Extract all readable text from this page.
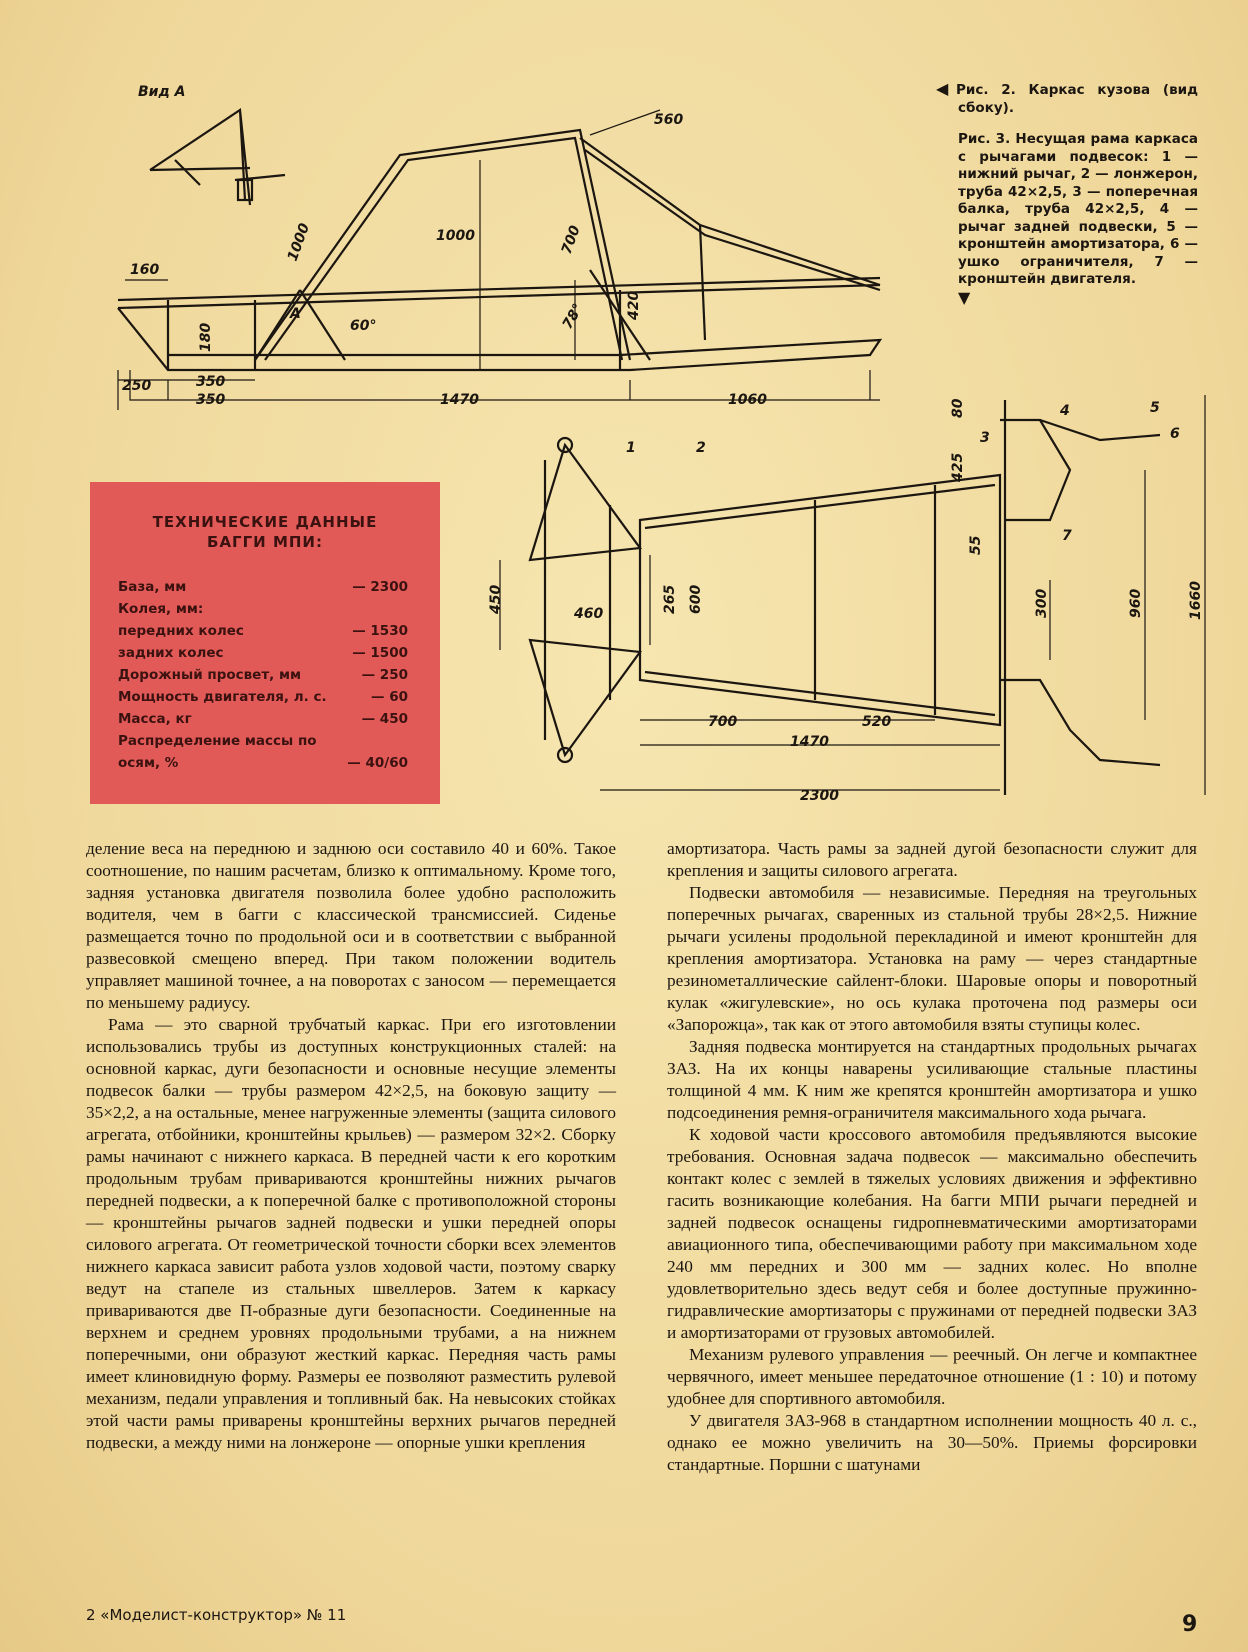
Вид А
560
1000	1000	700
160
180	60°	78°	420
250	350
350	1470	1060
А
1	2
3
4	5
6
7
80
425
55
300	960	1660
450	265 600
460
700	520
1470
2300

◀ Рис. 2. Каркас кузова (вид сбоку).

Рис. 3. Несущая рама каркаса с рычагами подвесок: 1 — нижний рычаг, 2 — лонжерон, труба 42×2,5, 3 — поперечная балка, труба 42×2,5, 4 — рычаг задней подвески, 5 — кронштейн амортизатора, 6 — ушко ограничителя, 7 — кронштейн двигателя.
▼

ТЕХНИЧЕСКИЕ ДАННЫЕ
БАГГИ МПИ:
База, мм	— 2300
Колея, мм:
передних колес	— 1530
задних колес	— 1500
Дорожный просвет, мм	— 250
Мощность двигателя, л. с.	— 60
Масса, кг	— 450
Распределение массы по
осям, %	— 40/60

деление веса на переднюю и заднюю оси составило 40 и 60%. Такое соотношение, по нашим расчетам, близко к оптимальному. Кроме того, задняя установка двигателя позволила более удобно расположить водителя, чем в багги с классической трансмиссией. Сиденье размещается точно по продольной оси и в соответствии с выбранной развесовкой смещено вперед. При таком положении водитель управляет машиной точнее, а на поворотах с заносом — перемещается по меньшему радиусу.

Рама — это сварной трубчатый каркас. При его изготовлении использовались трубы из доступных конструкционных сталей: на основной каркас, дуги безопасности и основные несущие элементы подвесок балки — трубы размером 42×2,5, на боковую защиту — 35×2,2, а на остальные, менее нагруженные элементы (защита силового агрегата, отбойники, кронштейны крыльев) — размером 32×2. Сборку рамы начинают с нижнего каркаса. В передней части к его коротким продольным трубам привариваются кронштейны нижних рычагов передней подвески, а к поперечной балке с противоположной стороны — кронштейны рычагов задней подвески и ушки передней опоры силового агрегата. От геометрической точности сборки всех элементов нижнего каркаса зависит работа узлов ходовой части, поэтому сварку ведут на стапеле из стальных швеллеров. Затем к каркасу привариваются две П-образные дуги безопасности. Соединенные на верхнем и среднем уровнях продольными трубами, а на нижнем поперечными, они образуют жесткий каркас. Передняя часть рамы имеет клиновидную форму. Размеры ее позволяют разместить рулевой механизм, педали управления и топливный бак. На невысоких стойках этой части рамы приварены кронштейны верхних рычагов передней подвески, а между ними на лонжероне — опорные ушки крепления

амортизатора. Часть рамы за задней дугой безопасности служит для крепления и защиты силового агрегата.

Подвески автомобиля — независимые. Передняя на треугольных поперечных рычагах, сваренных из стальной трубы 28×2,5. Нижние рычаги усилены продольной перекладиной и имеют кронштейн для крепления амортизатора. Установка на раму — через стандартные резинометаллические сайлент-блоки. Шаровые опоры и поворотный кулак «жигулевские», но ось кулака проточена под размеры оси «Запорожца», так как от этого автомобиля взяты ступицы колес.

Задняя подвеска монтируется на стандартных продольных рычагах ЗАЗ. На их концы наварены усиливающие стальные пластины толщиной 4 мм. К ним же крепятся кронштейн амортизатора и ушко подсоединения ремня-ограничителя максимального хода рычага.

К ходовой части кроссового автомобиля предъявляются высокие требования. Основная задача подвесок — максимально обеспечить контакт колес с землей в тяжелых условиях движения и эффективно гасить возникающие колебания. На багги МПИ рычаги передней и задней подвесок оснащены гидропневматическими амортизаторами авиационного типа, обеспечивающими работу при максимальном ходе 240 мм передних и 300 мм — задних колес. Но вполне удовлетворительно здесь ведут себя и более доступные пружинно-гидравлические амортизаторы с пружинами от передней подвески ЗАЗ и амортизаторами от грузовых автомобилей.

Механизм рулевого управления — реечный. Он легче и компактнее червячного, имеет меньшее передаточное отношение (1 : 10) и потому удобнее для спортивного автомобиля.

У двигателя ЗАЗ-968 в стандартном исполнении мощность 40 л. с., однако ее можно увеличить на 30—50%. Приемы форсировки стандартные. Поршни с шатунами

2 «Моделист-конструктор» № 11	9
